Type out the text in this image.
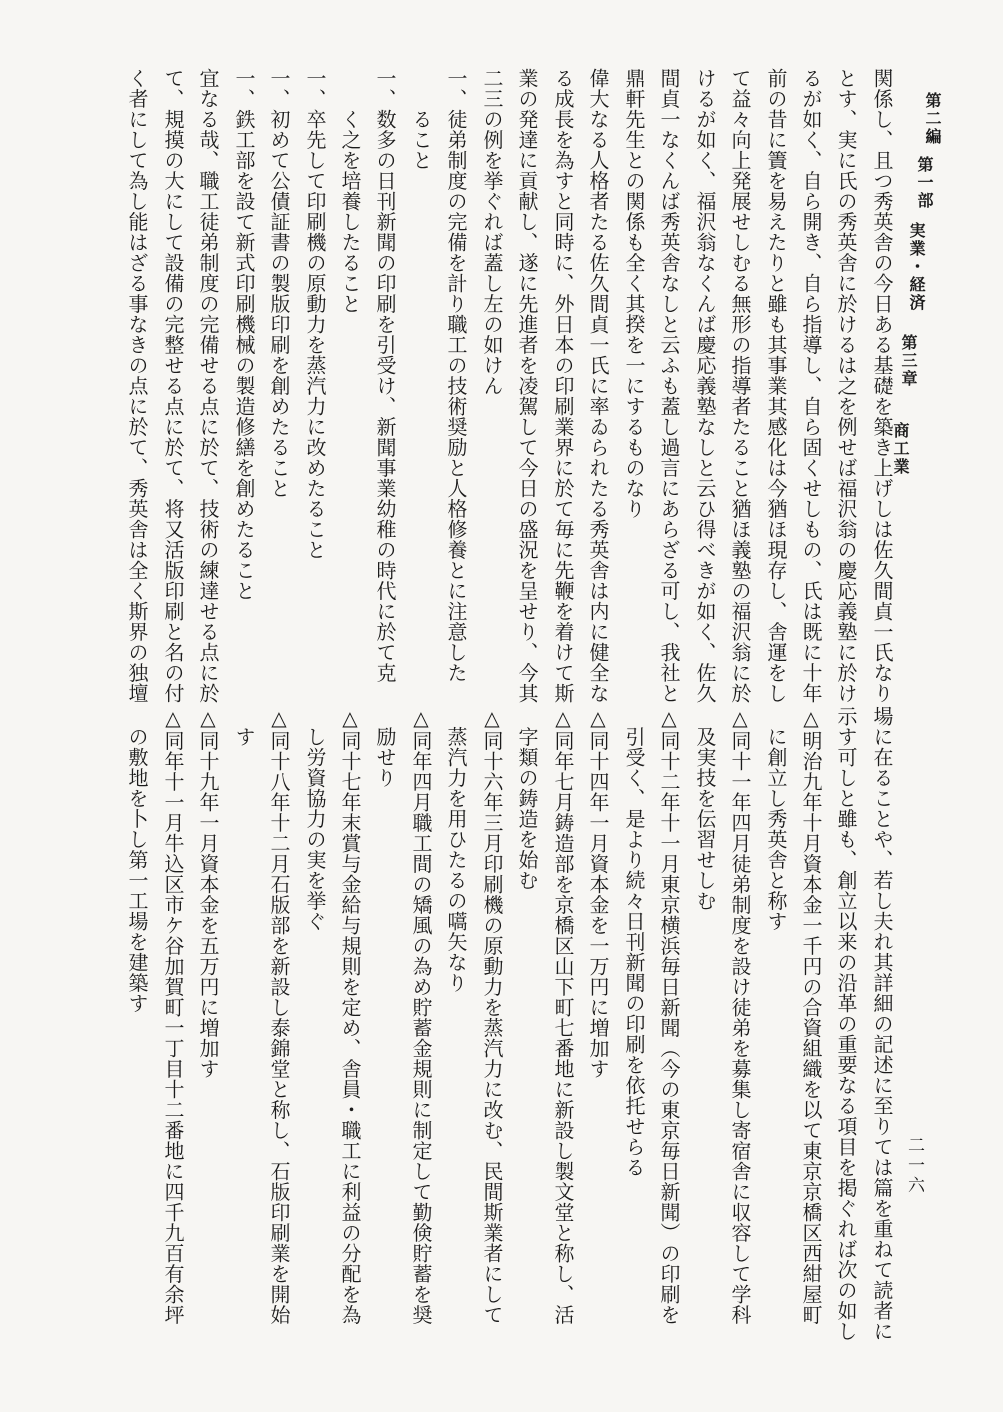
第二編
第一部
実業・経済
第三章
商工業
関係し、且つ秀英舎の今日ある基礎を築き上げしは佐久間貞一氏なり
とす、実に氏の秀英舎に於けるは之を例せば福沢翁の慶応義塾に於け
るが如く、自ら開き、自ら指導し、自ら固くせしもの、氏は既に十年
前の昔に簀を易えたりと雖も其事業其感化は今猶ほ現存し、舎運をし
て益々向上発展せしむる無形の指導者たること猶ほ義塾の福沢翁に於
けるが如く、福沢翁なくんば慶応義塾なしと云ひ得べきが如く、佐久
間貞一なくんば秀英舎なしと云ふも蓋し過言にあらざる可し、我社と
鼎軒先生との関係も全く其揆を一にするものなり
偉大なる人格者たる佐久間貞一氏に率ゐられたる秀英舎は内に健全な
る成長を為すと同時に、外日本の印刷業界に於て毎に先鞭を着けて斯
業の発達に貢献し、遂に先進者を凌駕して今日の盛況を呈せり、今其
二三の例を挙ぐれば蓋し左の如けん
一、徒弟制度の完備を計り職工の技術奨励と人格修養とに注意した
　　ること
一、数多の日刊新聞の印刷を引受け、新聞事業幼稚の時代に於て克
　　く之を培養したること
一、卒先して印刷機の原動力を蒸汽力に改めたること
一、初めて公債証書の製版印刷を創めたること
一、鉄工部を設て新式印刷機械の製造修繕を創めたること
宜なる哉、職工徒弟制度の完備せる点に於て、技術の練達せる点に於
て、規摸の大にして設備の完整せる点に於て、将又活版印刷と名の付
く者にして為し能はざる事なきの点に於て、秀英舎は全く斯界の独壇
場に在ることや、若し夫れ其詳細の記述に至りては篇を重ねて読者に
示す可しと雖も、創立以来の沿革の重要なる項目を掲ぐれば次の如し
△明治九年十月資本金一千円の合資組織を以て東京京橋区西紺屋町
　に創立し秀英舎と称す
△同十一年四月徒弟制度を設け徒弟を募集し寄宿舎に収容して学科
　及実技を伝習せしむ
△同十二年十一月東京横浜毎日新聞（今の東京毎日新聞）の印刷を
　引受く、是より続々日刊新聞の印刷を依托せらる
△同十四年一月資本金を一万円に増加す
△同年七月鋳造部を京橋区山下町七番地に新設し製文堂と称し、活
　字類の鋳造を始む
△同十六年三月印刷機の原動力を蒸汽力に改む、民間斯業者にして
　蒸汽力を用ひたるの嚆矢なり
△同年四月職工間の矯風の為め貯蓄金規則に制定して勤倹貯蓄を奨
　励せり
△同十七年末賞与金給与規則を定め、舎員・職工に利益の分配を為
　し労資協力の実を挙ぐ
△同十八年十二月石版部を新設し泰錦堂と称し、石版印刷業を開始
　す
△同十九年一月資本金を五万円に増加す
△同年十一月牛込区市ケ谷加賀町一丁目十二番地に四千九百有余坪
　の敷地を卜し第一工場を建築す
二一六
